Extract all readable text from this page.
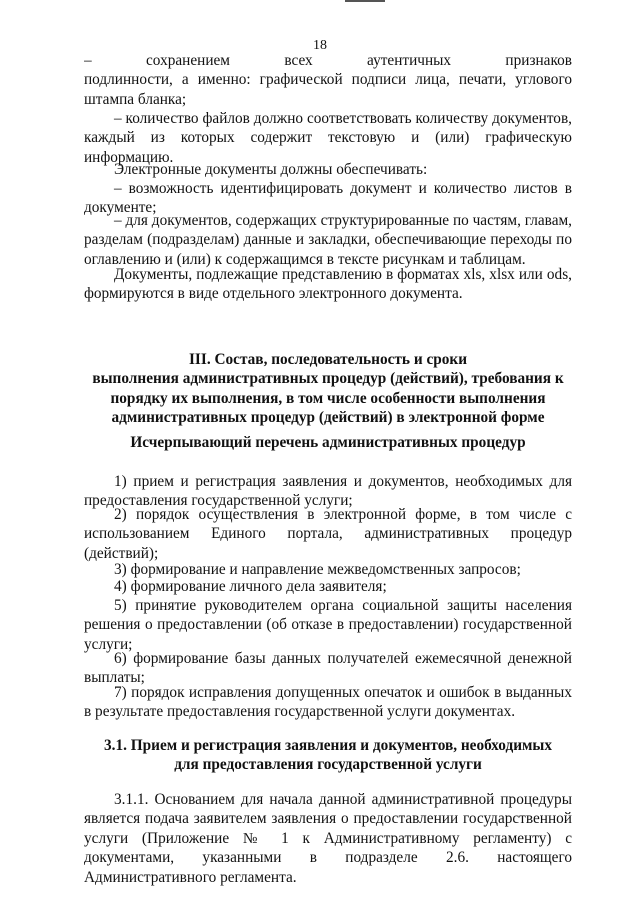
18
– сохранением всех аутентичных признаков
подлинности, а именно: графической подписи лица, печати, углового
штампа бланка;
– количество файлов должно соответствовать количеству документов,
каждый из которых содержит текстовую и (или) графическую
информацию.
Электронные документы должны обеспечивать:
– возможность идентифицировать документ и количество листов в
документе;
– для документов, содержащих структурированные по частям, главам,
разделам (подразделам) данные и закладки, обеспечивающие переходы по
оглавлению и (или) к содержащимся в тексте рисункам и таблицам.
Документы, подлежащие представлению в форматах xls, xlsx или ods,
формируются в виде отдельного электронного документа.
III. Состав, последовательность и сроки
выполнения административных процедур (действий), требования к
порядку их выполнения, в том числе особенности выполнения
административных процедур (действий) в электронной форме
Исчерпывающий перечень административных процедур
1) прием и регистрация заявления и документов, необходимых для
предоставления государственной услуги;
2) порядок осуществления в электронной форме, в том числе с
использованием Единого портала, административных процедур
(действий);
3) формирование и направление межведомственных запросов;
4) формирование личного дела заявителя;
5) принятие руководителем органа социальной защиты населения
решения о предоставлении (об отказе в предоставлении) государственной
услуги;
6) формирование базы данных получателей ежемесячной денежной
выплаты;
7) порядок исправления допущенных опечаток и ошибок в выданных
в результате предоставления государственной услуги документах.
3.1. Прием и регистрация заявления и документов, необходимых
для предоставления государственной услуги
3.1.1. Основанием для начала данной административной процедуры
является подача заявителем заявления о предоставлении государственной
услуги (Приложение № 1 к Административному регламенту) с
документами, указанными в подразделе 2.6. настоящего
Административного регламента.
